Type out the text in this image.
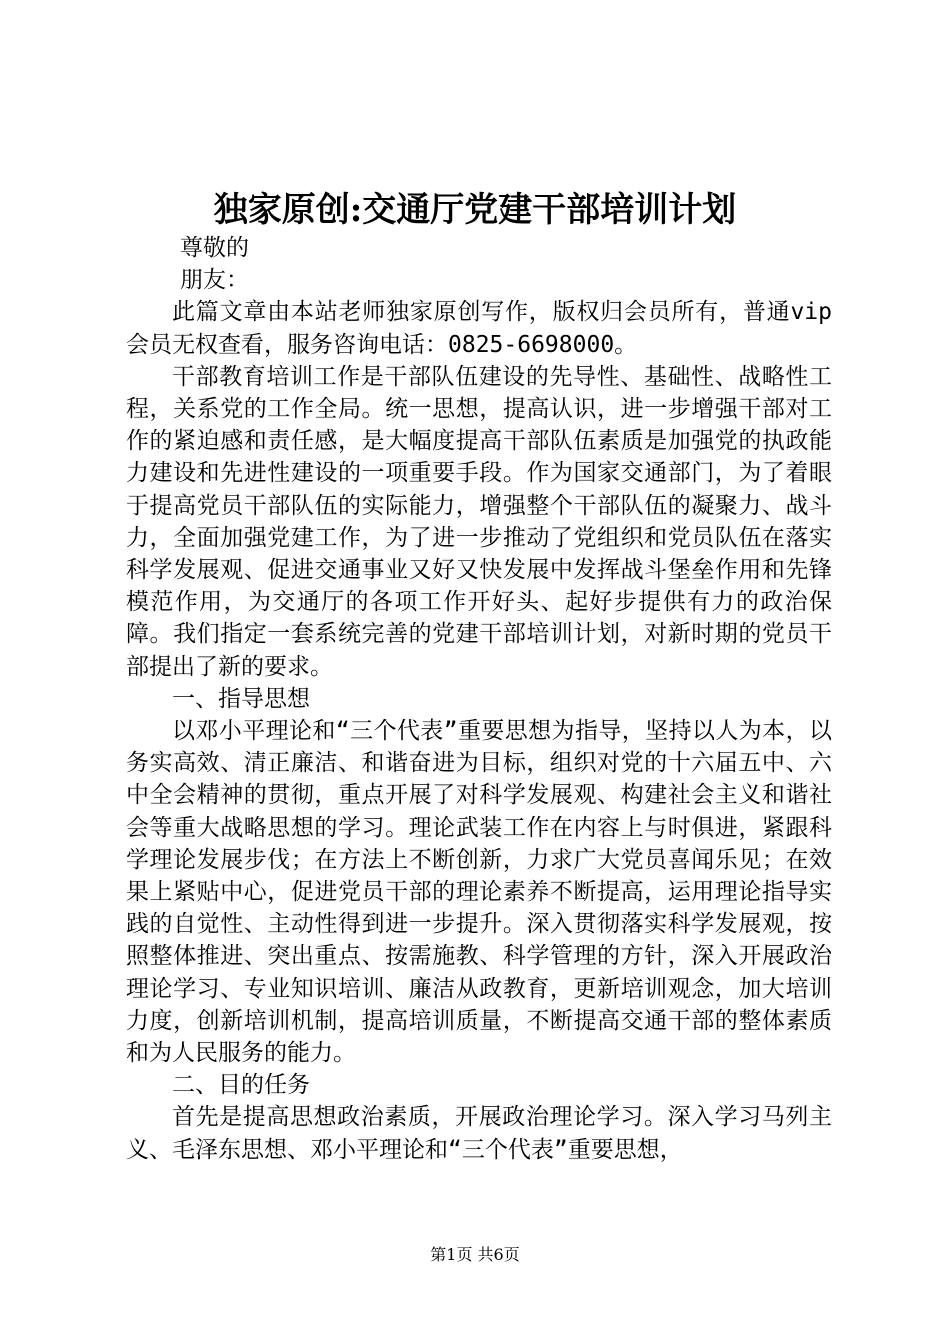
独家原创:交通厅党建干部培训计划

尊敬的

朋友：

此篇文章由本站老师独家原创写作，版权归会员所有，普通vip会员无权查看，服务咨询电话：0825-6698000。

干部教育培训工作是干部队伍建设的先导性、基础性、战略性工程，关系党的工作全局。统一思想，提高认识，进一步增强干部对工作的紧迫感和责任感，是大幅度提高干部队伍素质是加强党的执政能力建设和先进性建设的一项重要手段。作为国家交通部门，为了着眼于提高党员干部队伍的实际能力，增强整个干部队伍的凝聚力、战斗力，全面加强党建工作，为了进一步推动了党组织和党员队伍在落实科学发展观、促进交通事业又好又快发展中发挥战斗堡垒作用和先锋模范作用，为交通厅的各项工作开好头、起好步提供有力的政治保障。我们指定一套系统完善的党建干部培训计划，对新时期的党员干部提出了新的要求。

一、指导思想

以邓小平理论和“三个代表”重要思想为指导，坚持以人为本，以务实高效、清正廉洁、和谐奋进为目标，组织对党的十六届五中、六中全会精神的贯彻，重点开展了对科学发展观、构建社会主义和谐社会等重大战略思想的学习。理论武装工作在内容上与时俱进，紧跟科学理论发展步伐；在方法上不断创新，力求广大党员喜闻乐见；在效果上紧贴中心，促进党员干部的理论素养不断提高，运用理论指导实践的自觉性、主动性得到进一步提升。深入贯彻落实科学发展观，按照整体推进、突出重点、按需施教、科学管理的方针，深入开展政治理论学习、专业知识培训、廉洁从政教育，更新培训观念，加大培训力度，创新培训机制，提高培训质量，不断提高交通干部的整体素质和为人民服务的能力。

二、目的任务

首先是提高思想政治素质，开展政治理论学习。深入学习马列主义、毛泽东思想、邓小平理论和“三个代表”重要思想，

第1页 共6页
